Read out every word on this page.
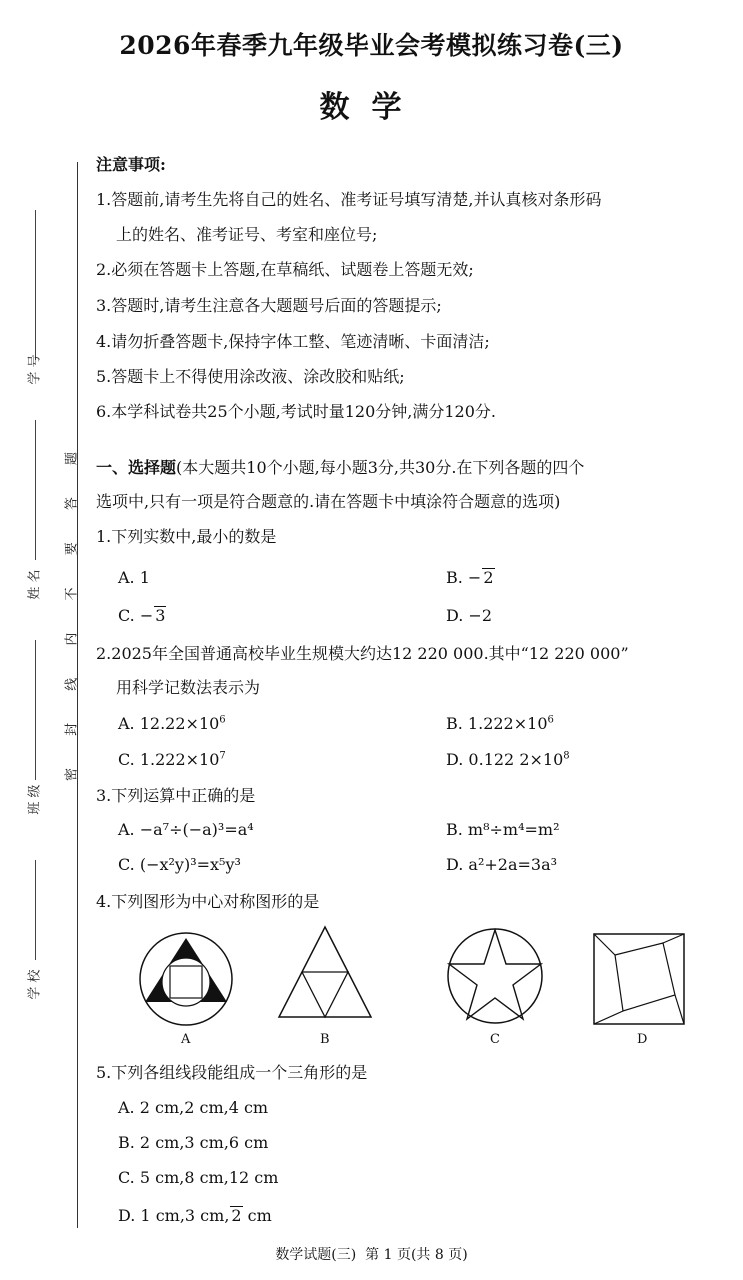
学 号
姓 名
班 级
学 校
密 封 线 内 不 要 答 题
2026年春季九年级毕业会考模拟练习卷(三)
数学
注意事项:
1.答题前,请考生先将自己的姓名、准考证号填写清楚,并认真核对条形码
上的姓名、准考证号、考室和座位号;
2.必须在答题卡上答题,在草稿纸、试题卷上答题无效;
3.答题时,请考生注意各大题题号后面的答题提示;
4.请勿折叠答题卡,保持字体工整、笔迹清晰、卡面清洁;
5.答题卡上不得使用涂改液、涂改胶和贴纸;
6.本学科试卷共25个小题,考试时量120分钟,满分120分.
一、选择题(本大题共10个小题,每小题3分,共30分.在下列各题的四个
选项中,只有一项是符合题意的.请在答题卡中填涂符合题意的选项)
1.下列实数中,最小的数是
A. 1	B. − 2
C. − 3	D. −2
2.2025年全国普通高校毕业生规模大约达12 220 000.其中“12 220 000”
用科学记数法表示为
A. $12.22\times 10^6$	B. $1.222\times 10^6$
C. $1.222\times 10^7$	D. 0.122 $2\times 10^8$
3.下列运算中正确的是
A. −a⁷÷(−a)³=a⁴	B. m⁸÷m⁴=m²
C. (−x²y)³=x⁵y³	D. a²+2a=3a³
4.下列图形为中心对称图形的是
A	B	C	D
5.下列各组线段能组成一个三角形的是
A. 2 cm,2 cm,4 cm
B. 2 cm,3 cm,6 cm
C. 5 cm,8 cm,12 cm
D. 1 cm,3 cm, 2 cm
数学试题(三)  第 1 页(共 8 页)
